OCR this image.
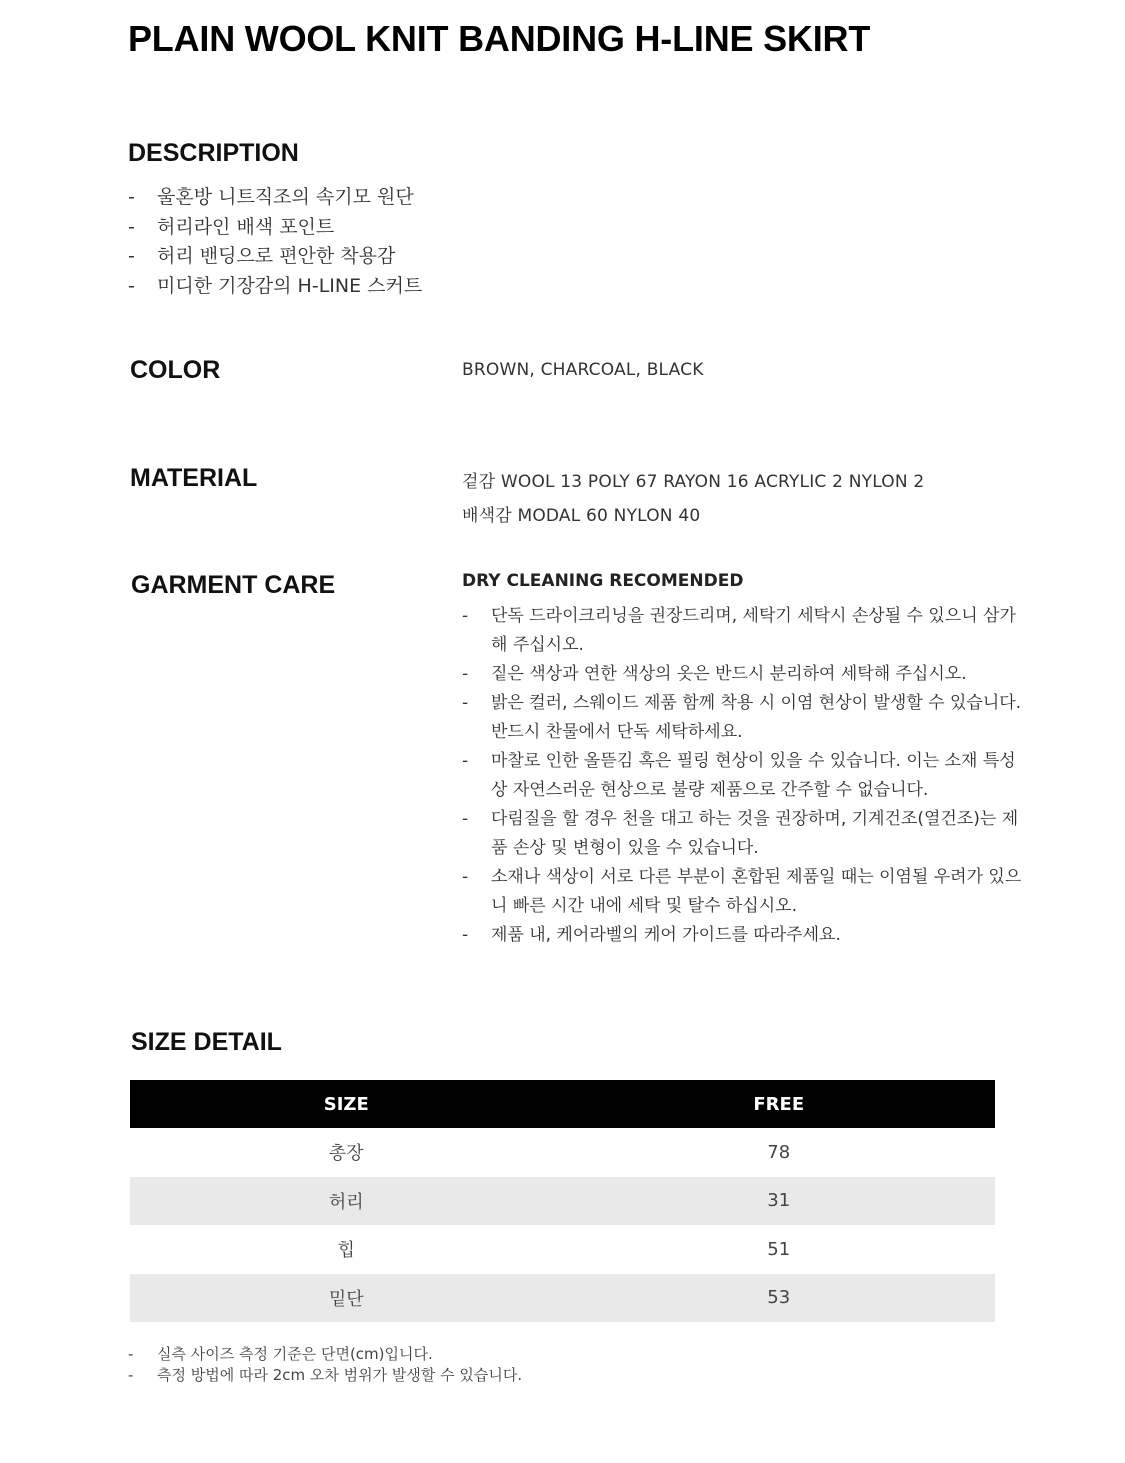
PLAIN WOOL KNIT BANDING H-LINE SKIRT
DESCRIPTION
- 울혼방 니트직조의 속기모 원단
- 허리라인 배색 포인트
- 허리 밴딩으로 편안한 착용감
- 미디한 기장감의 H-LINE 스커트
COLOR	BROWN, CHARCOAL, BLACK
MATERIAL	겉감 WOOL 13 POLY 67 RAYON 16 ACRYLIC 2 NYLON 2
배색감 MODAL 60 NYLON 40
GARMENT CARE	DRY CLEANING RECOMENDED
- 단독 드라이크리닝을 권장드리며, 세탁기 세탁시 손상될 수 있으니 삼가해 주십시오.
- 짙은 색상과 연한 색상의 옷은 반드시 분리하여 세탁해 주십시오.
- 밝은 컬러, 스웨이드 제품 함께 착용 시 이염 현상이 발생할 수 있습니다. 반드시 찬물에서 단독 세탁하세요.
- 마찰로 인한 올뜯김 혹은 필링 현상이 있을 수 있습니다. 이는 소재 특성 상 자연스러운 현상으로 불량 제품으로 간주할 수 없습니다.
- 다림질을 할 경우 천을 대고 하는 것을 권장하며, 기계건조(열건조)는 제품 손상 및 변형이 있을 수 있습니다.
- 소재나 색상이 서로 다른 부분이 혼합된 제품일 때는 이염될 우려가 있으니 빠른 시간 내에 세탁 및 탈수 하십시오.
- 제품 내, 케어라벨의 케어 가이드를 따라주세요.
SIZE DETAIL
SIZE	FREE
총장	78
허리	31
힙	51
밑단	53
- 실측 사이즈 측정 기준은 단면(cm)입니다.
- 측정 방법에 따라 2cm 오차 범위가 발생할 수 있습니다.
